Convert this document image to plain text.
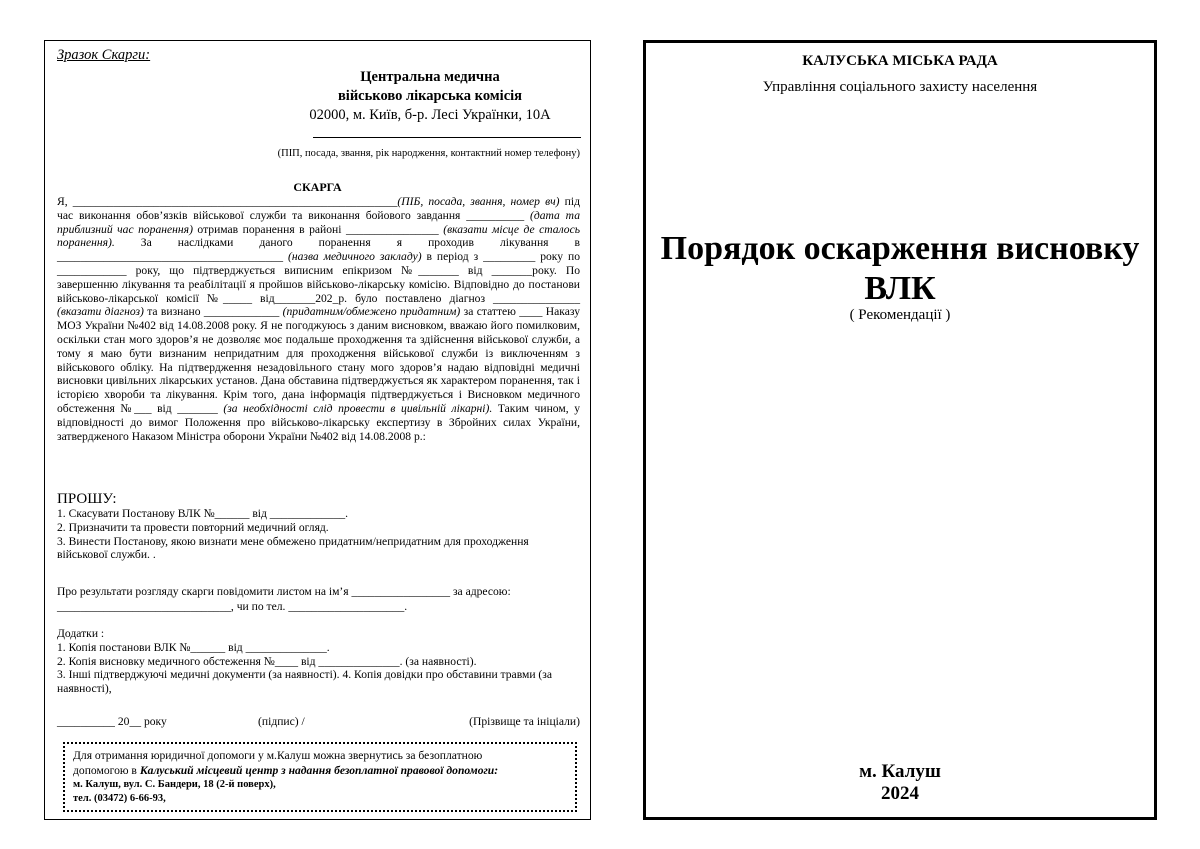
Зразок Скарги:
Центральна медична
військово лікарська комісія
02000, м. Київ, б-р. Лесі Українки, 10А
(ПІП, посада, звання, рік народження, контактний номер телефону)
СКАРГА
Я, ________________________________________________________(ПІБ, посада, звання, номер вч) під час виконання обов’язків військової служби та виконання бойового завдання __________ (дата та приблизний час поранення) отримав поранення в районі ________________ (вказати місце де сталось поранення). За наслідками даного поранення я проходив лікування в _______________________________________ (назва медичного закладу) в період з _________ року по ____________ року, що підтверджується виписним епікризом №_______ від _______року. По завершенню лікування та реабілітації я пройшов військово-лікарську комісію. Відповідно до постанови військово-лікарської комісії №_____ від_______202_р. було поставлено діагноз _______________ (вказати діагноз) та визнано _____________ (придатним/обмежено придатним) за статтею ____ Наказу МОЗ України №402 від 14.08.2008 року. Я не погоджуюсь з даним висновком, вважаю його помилковим, оскільки стан мого здоров’я не дозволяє моє подальше проходження та здійснення військової служби, а тому я маю бути визнаним непридатним для проходження військової служби із виключенням з військового обліку. На підтвердження незадовільного стану мого здоров’я надаю відповідні медичні висновки цивільних лікарських установ. Дана обставина підтверджується як характером поранення, так і історією хвороби та лікування. Крім того, дана інформація підтверджується і Висновком медичного обстеження №___ від _______ (за необхідності слід провести в цивільній лікарні). Таким чином, у відповідності до вимог Положення про військово-лікарську експертизу в Збройних силах України, затвердженого Наказом Міністра оборони України №402 від 14.08.2008 р.:
ПРОШУ:
1. Скасувати Постанову ВЛК №______ від _____________.
2. Призначити та провести повторний медичний огляд.
3. Винести Постанову, якою визнати мене обмежено придатним/непридатним для проходження військової служби. .
Про результати розгляду скарги повідомити листом на ім’я _________________ за адресою: ______________________________, чи по тел. ____________________.
Додатки :
1. Копія постанови ВЛК №______ від ______________.
2. Копія висновку медичного обстеження №____ від ______________. (за наявності).
3. Інші підтверджуючі медичні документи (за наявності). 4. Копія довідки про обставини травми (за наявності),
__________ 20__ року	(підпис) /	(Прізвище та ініціали)
Для отримання юридичної допомоги у м.Калуш можна звернутись за безоплатною
допомогою в Калуський місцевий центр з надання безоплатної правової допомоги:
м. Калуш, вул. С. Бандери, 18 (2-й поверх),
тел. (03472) 6-66-93,
КАЛУСЬКА МІСЬКА РАДА
Управління соціального захисту населення
Порядок оскарження висновку
ВЛК
( Рекомендації )
м. Калуш
2024
